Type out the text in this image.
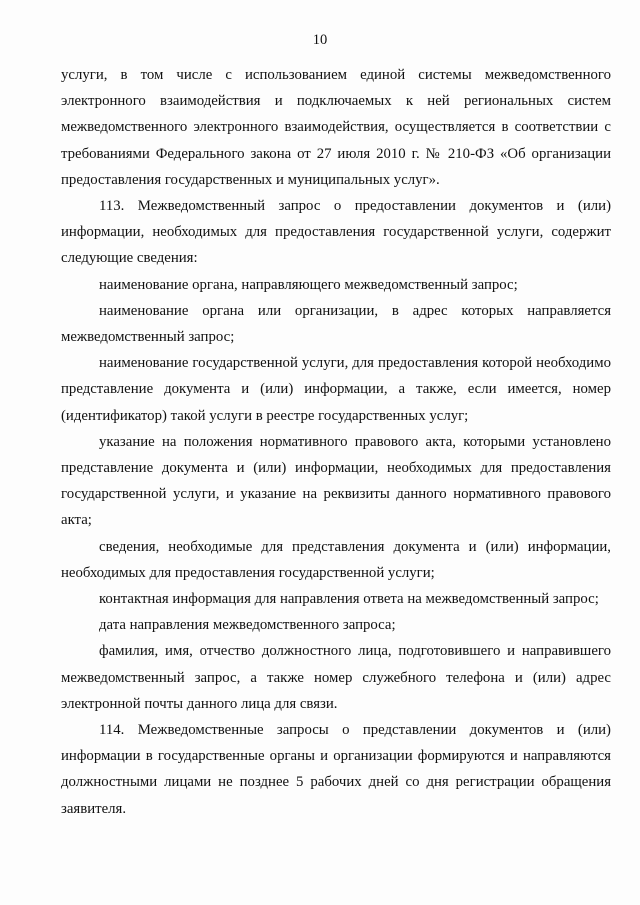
10

услуги, в том числе с использованием единой системы межведомственного электронного взаимодействия и подключаемых к ней региональных систем межведомственного электронного взаимодействия, осуществляется в соответствии с требованиями Федерального закона от 27 июля 2010 г. № 210-ФЗ «Об организации предоставления государственных и муниципальных услуг».

113. Межведомственный запрос о предоставлении документов и (или) информации, необходимых для предоставления государственной услуги, содержит следующие сведения:

наименование органа, направляющего межведомственный запрос;

наименование органа или организации, в адрес которых направляется межведомственный запрос;

наименование государственной услуги, для предоставления которой необходимо представление документа и (или) информации, а также, если имеется, номер (идентификатор) такой услуги в реестре государственных услуг;

указание на положения нормативного правового акта, которыми установлено представление документа и (или) информации, необходимых для предоставления государственной услуги, и указание на реквизиты данного нормативного правового акта;

сведения, необходимые для представления документа и (или) информации, необходимых для предоставления государственной услуги;

контактная информация для направления ответа на межведомственный запрос;

дата направления межведомственного запроса;

фамилия, имя, отчество должностного лица, подготовившего и направившего межведомственный запрос, а также номер служебного телефона и (или) адрес электронной почты данного лица для связи.

114. Межведомственные запросы о представлении документов и (или) информации в государственные органы и организации формируются и направляются должностными лицами не позднее 5 рабочих дней со дня регистрации обращения заявителя.
